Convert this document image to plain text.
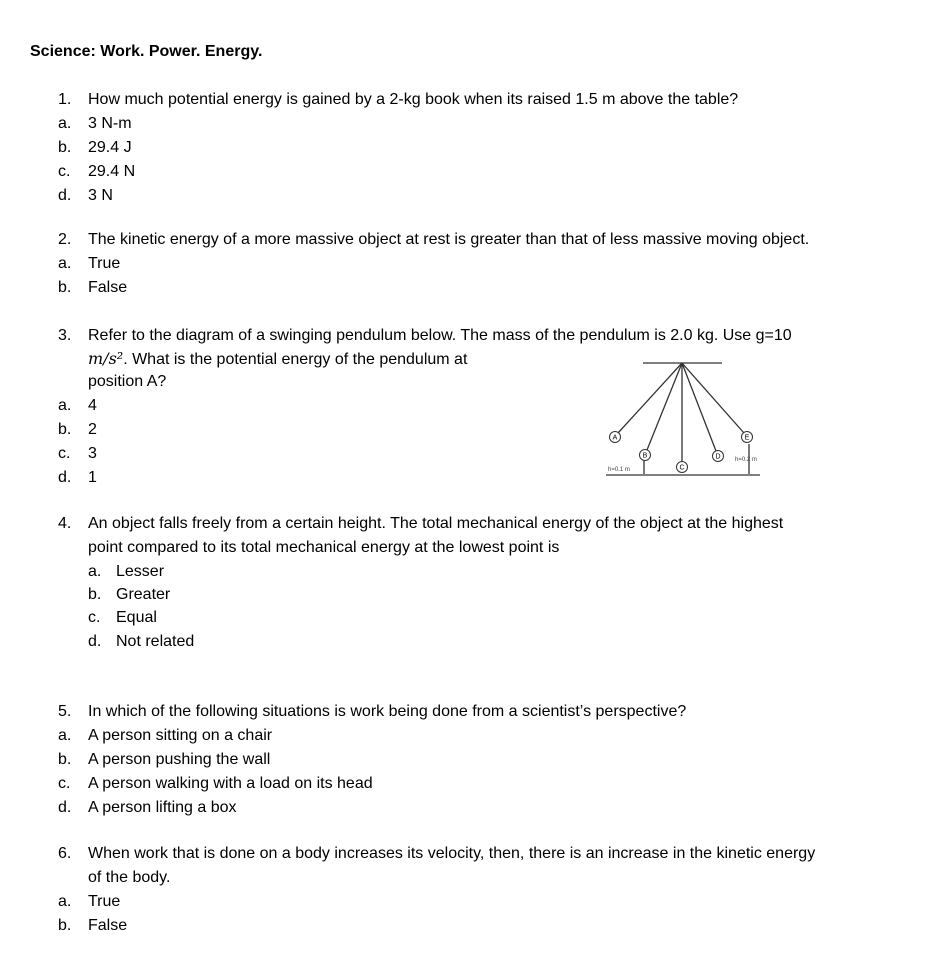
Science: Work. Power. Energy.
1. How much potential energy is gained by a 2-kg book when its raised 1.5 m above the table?
a. 3 N-m
b. 29.4 J
c. 29.4 N
d. 3 N
2. The kinetic energy of a more massive object at rest is greater than that of less massive moving object.
a. True
b. False
3. Refer to the diagram of a swinging pendulum below. The mass of the pendulum is 2.0 kg. Use g=10
m/s². What is the potential energy of the pendulum at
position A?
a. 4
b. 2
c. 3
d. 1
4. An object falls freely from a certain height. The total mechanical energy of the object at the highest
point compared to its total mechanical energy at the lowest point is
a. Lesser
b. Greater
c. Equal
d. Not related
5. In which of the following situations is work being done from a scientist’s perspective?
a. A person sitting on a chair
b. A person pushing the wall
c. A person walking with a load on its head
d. A person lifting a box
6. When work that is done on a body increases its velocity, then, there is an increase in the kinetic energy
of the body.
a. True
b. False
A
B
C
D
E
h=0.1 m
h=0.2 m
